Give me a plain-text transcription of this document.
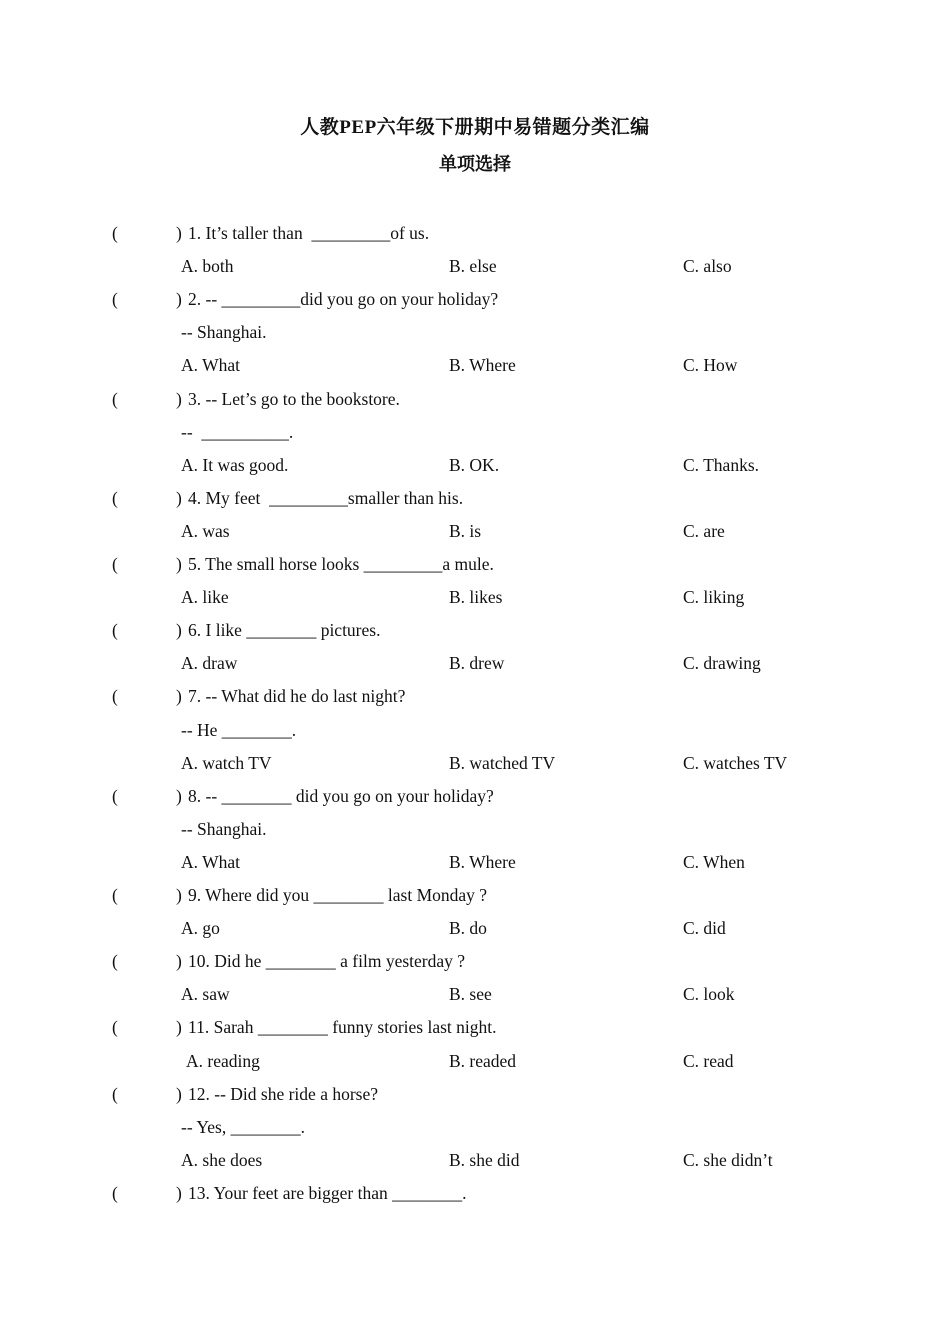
人教PEP六年级下册期中易错题分类汇编
单项选择
(	) 1. It’s taller than  _________of us.
A. both	B. else	C. also
(	) 2. -- _________did you go on your holiday?
-- Shanghai.
A. What	B. Where	C. How
(	) 3. -- Let’s go to the bookstore.
--  __________.
A. It was good.	B. OK.	C. Thanks.
(	) 4. My feet  _________smaller than his.
A. was	B. is	C. are
(	) 5. The small horse looks _________a mule.
A. like	B. likes	C. liking
(	) 6. I like ________ pictures.
A. draw	B. drew	C. drawing
(	) 7. -- What did he do last night?
-- He ________.
A. watch TV	B. watched TV	C. watches TV
(	) 8. -- ________ did you go on your holiday?
-- Shanghai.
A. What	B. Where	C. When
(	) 9. Where did you ________ last Monday ?
A. go	B. do	C. did
(	) 10. Did he ________ a film yesterday ?
A. saw	B. see	C. look
(	) 11. Sarah ________ funny stories last night.
A. reading	B. readed	C. read
(	) 12. -- Did she ride a horse?
-- Yes, ________.
A. she does	B. she did	C. she didn’t
(	) 13. Your feet are bigger than ________.
